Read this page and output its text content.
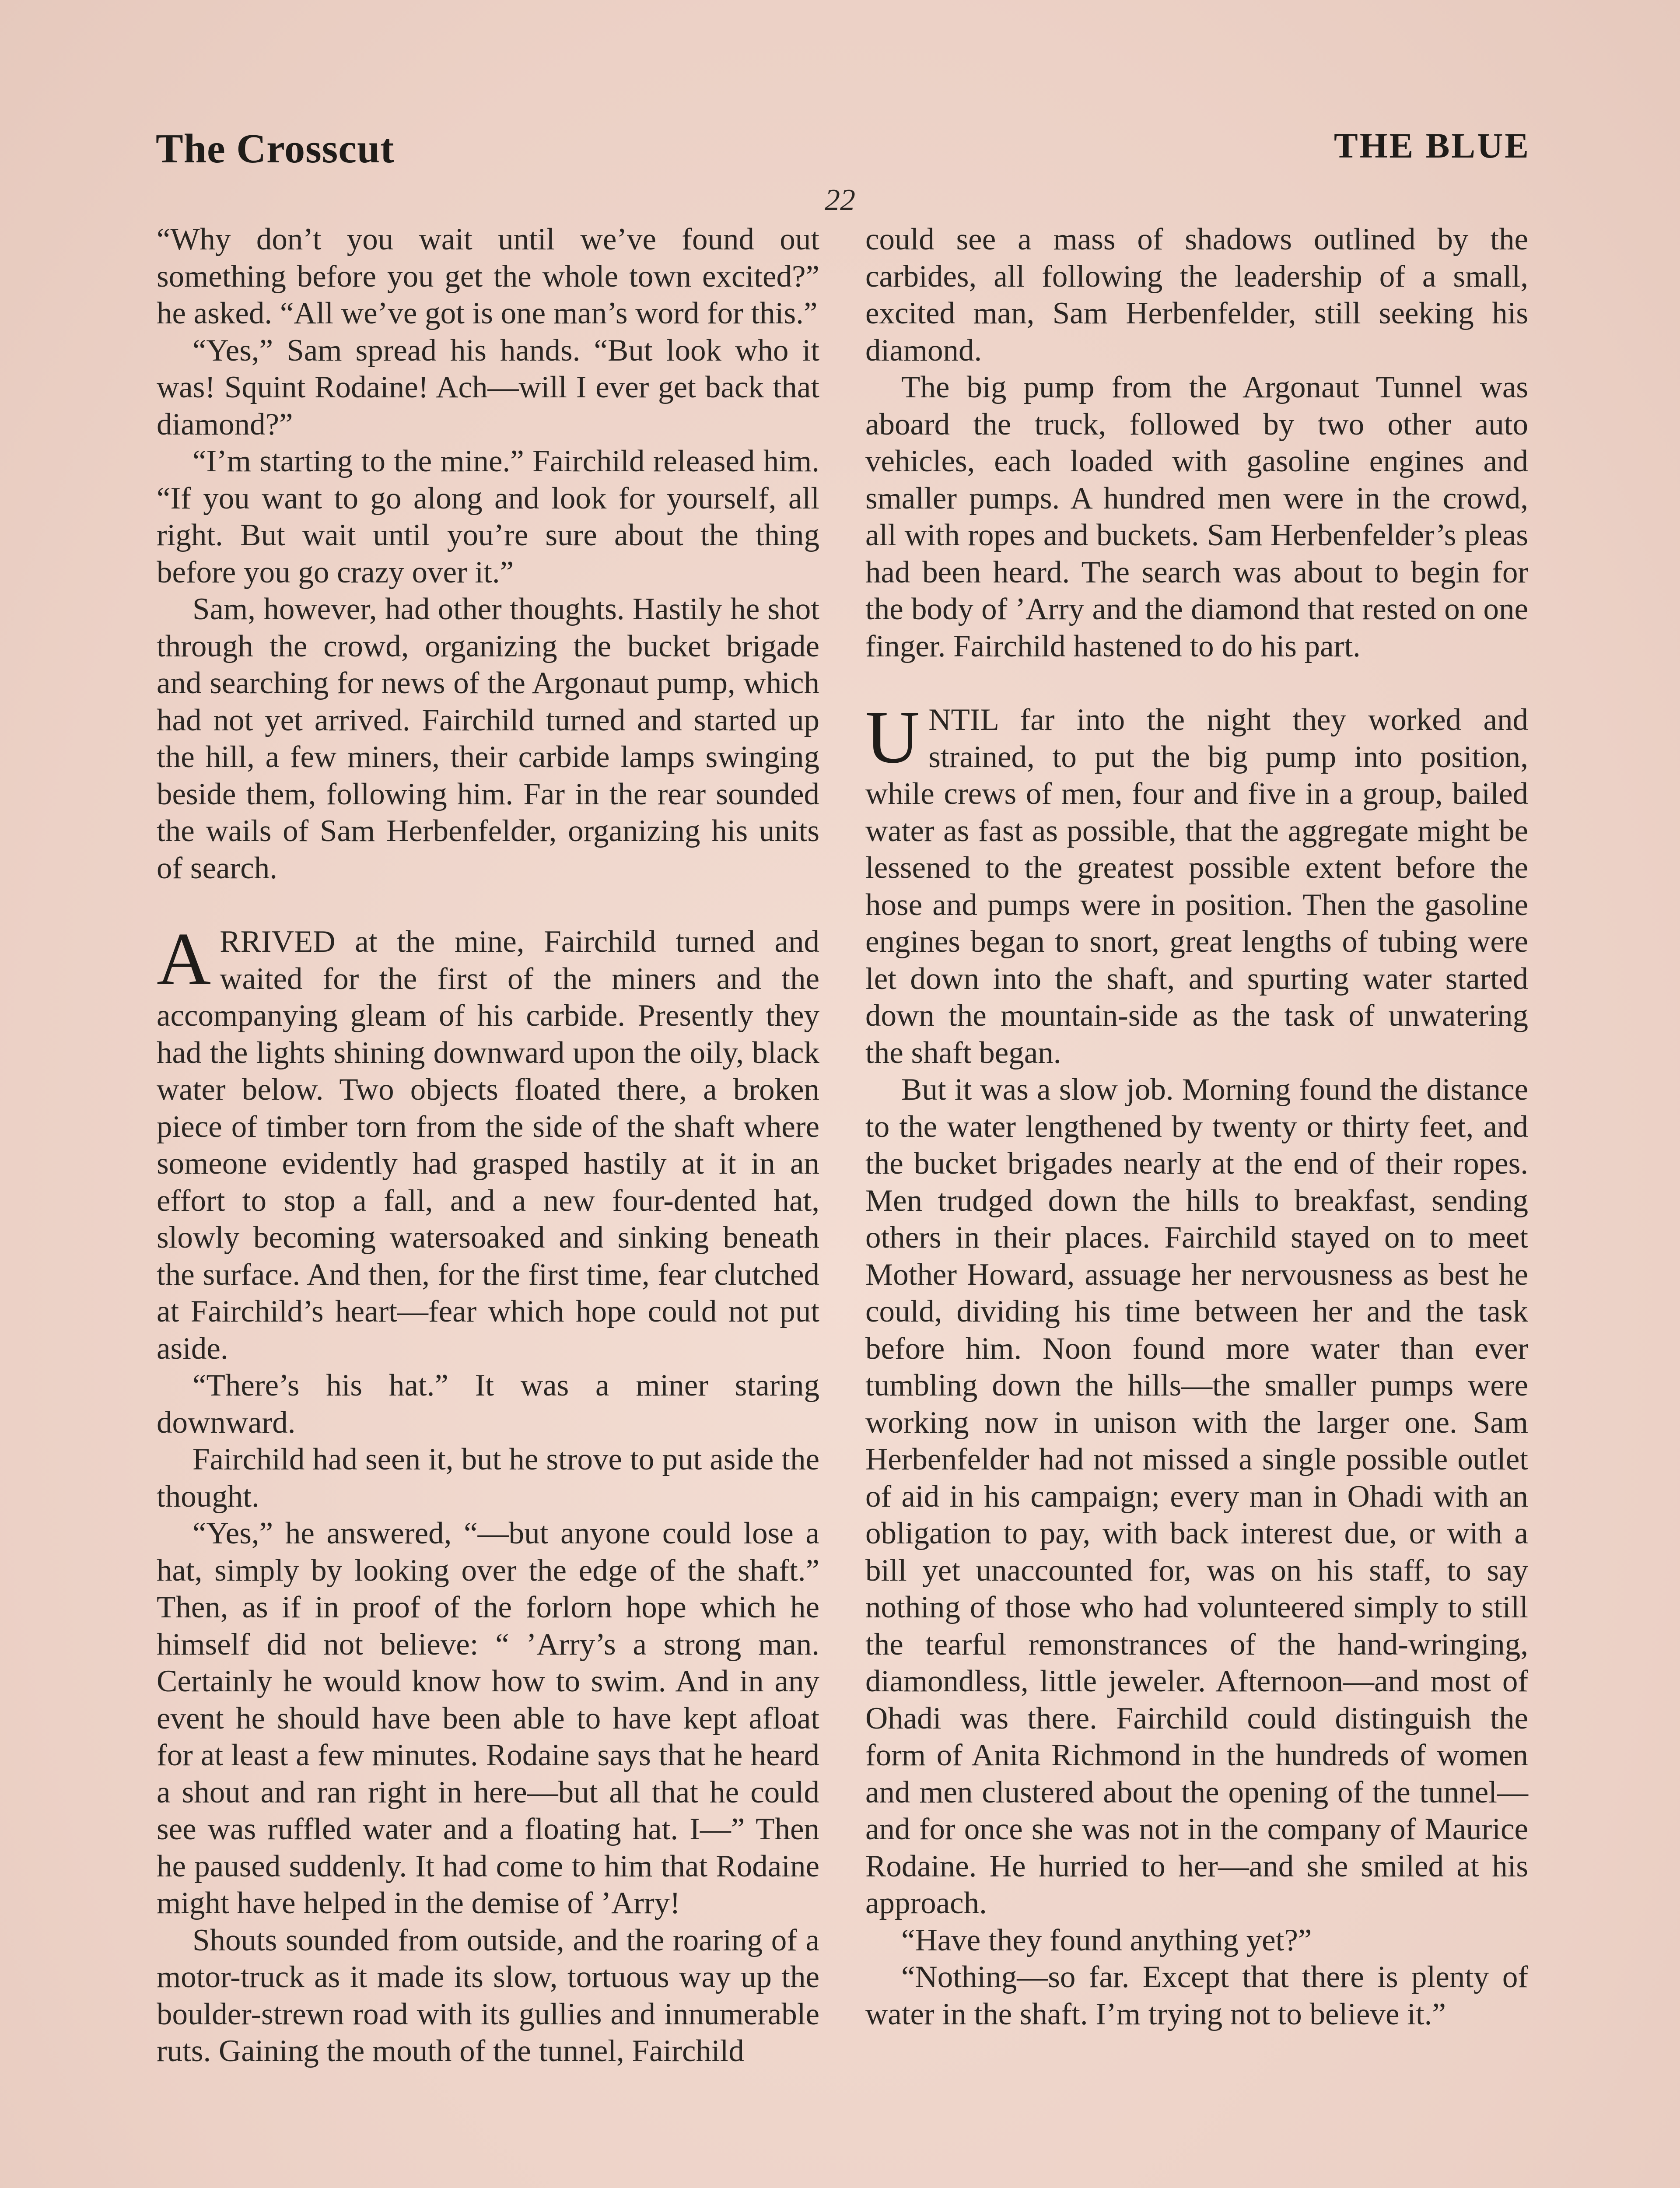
The Crosscut	THE BLUE
22

“Why don’t you wait until we’ve found out something before you get the whole town excited?” he asked. “All we’ve got is one man’s word for this.”

“Yes,” Sam spread his hands. “But look who it was! Squint Rodaine! Ach—will I ever get back that diamond?”

“I’m starting to the mine.” Fairchild released him. “If you want to go along and look for yourself, all right. But wait until you’re sure about the thing before you go crazy over it.”

Sam, however, had other thoughts. Hastily he shot through the crowd, organizing the bucket brigade and searching for news of the Argonaut pump, which had not yet arrived. Fairchild turned and started up the hill, a few miners, their carbide lamps swinging beside them, following him. Far in the rear sounded the wails of Sam Herbenfelder, organizing his units of search.

ARRIVED at the mine, Fairchild turned and waited for the first of the miners and the accompanying gleam of his carbide. Presently they had the lights shining downward upon the oily, black water below. Two objects floated there, a broken piece of timber torn from the side of the shaft where someone evidently had grasped hastily at it in an effort to stop a fall, and a new four-dented hat, slowly becoming watersoaked and sinking beneath the surface. And then, for the first time, fear clutched at Fairchild’s heart—fear which hope could not put aside.

“There’s his hat.” It was a miner staring downward.

Fairchild had seen it, but he strove to put aside the thought.

“Yes,” he answered, “—but anyone could lose a hat, simply by looking over the edge of the shaft.” Then, as if in proof of the forlorn hope which he himself did not believe: “ ’Arry’s a strong man. Certainly he would know how to swim. And in any event he should have been able to have kept afloat for at least a few minutes. Rodaine says that he heard a shout and ran right in here—but all that he could see was ruffled water and a floating hat. I—” Then he paused suddenly. It had come to him that Rodaine might have helped in the demise of ’Arry!

Shouts sounded from outside, and the roaring of a motor-truck as it made its slow, tortuous way up the boulder-strewn road with its gullies and innumerable ruts. Gaining the mouth of the tunnel, Fairchild

could see a mass of shadows outlined by the carbides, all following the leadership of a small, excited man, Sam Herbenfelder, still seeking his diamond.

The big pump from the Argonaut Tunnel was aboard the truck, followed by two other auto vehicles, each loaded with gasoline engines and smaller pumps. A hundred men were in the crowd, all with ropes and buckets. Sam Herbenfelder’s pleas had been heard. The search was about to begin for the body of ’Arry and the diamond that rested on one finger. Fairchild hastened to do his part.

UNTIL far into the night they worked and strained, to put the big pump into position, while crews of men, four and five in a group, bailed water as fast as possible, that the aggregate might be lessened to the greatest possible extent before the hose and pumps were in position. Then the gasoline engines began to snort, great lengths of tubing were let down into the shaft, and spurting water started down the mountain-side as the task of unwatering the shaft began.

But it was a slow job. Morning found the distance to the water lengthened by twenty or thirty feet, and the bucket brigades nearly at the end of their ropes. Men trudged down the hills to breakfast, sending others in their places. Fairchild stayed on to meet Mother Howard, assuage her nervousness as best he could, dividing his time between her and the task before him. Noon found more water than ever tumbling down the hills—the smaller pumps were working now in unison with the larger one. Sam Herbenfelder had not missed a single possible outlet of aid in his campaign; every man in Ohadi with an obligation to pay, with back interest due, or with a bill yet unaccounted for, was on his staff, to say nothing of those who had volunteered simply to still the tearful remonstrances of the hand-wringing, diamondless, little jeweler. Afternoon—and most of Ohadi was there. Fairchild could distinguish the form of Anita Richmond in the hundreds of women and men clustered about the opening of the tunnel—and for once she was not in the company of Maurice Rodaine. He hurried to her—and she smiled at his approach.

“Have they found anything yet?”

“Nothing—so far. Except that there is plenty of water in the shaft. I’m trying not to believe it.”
